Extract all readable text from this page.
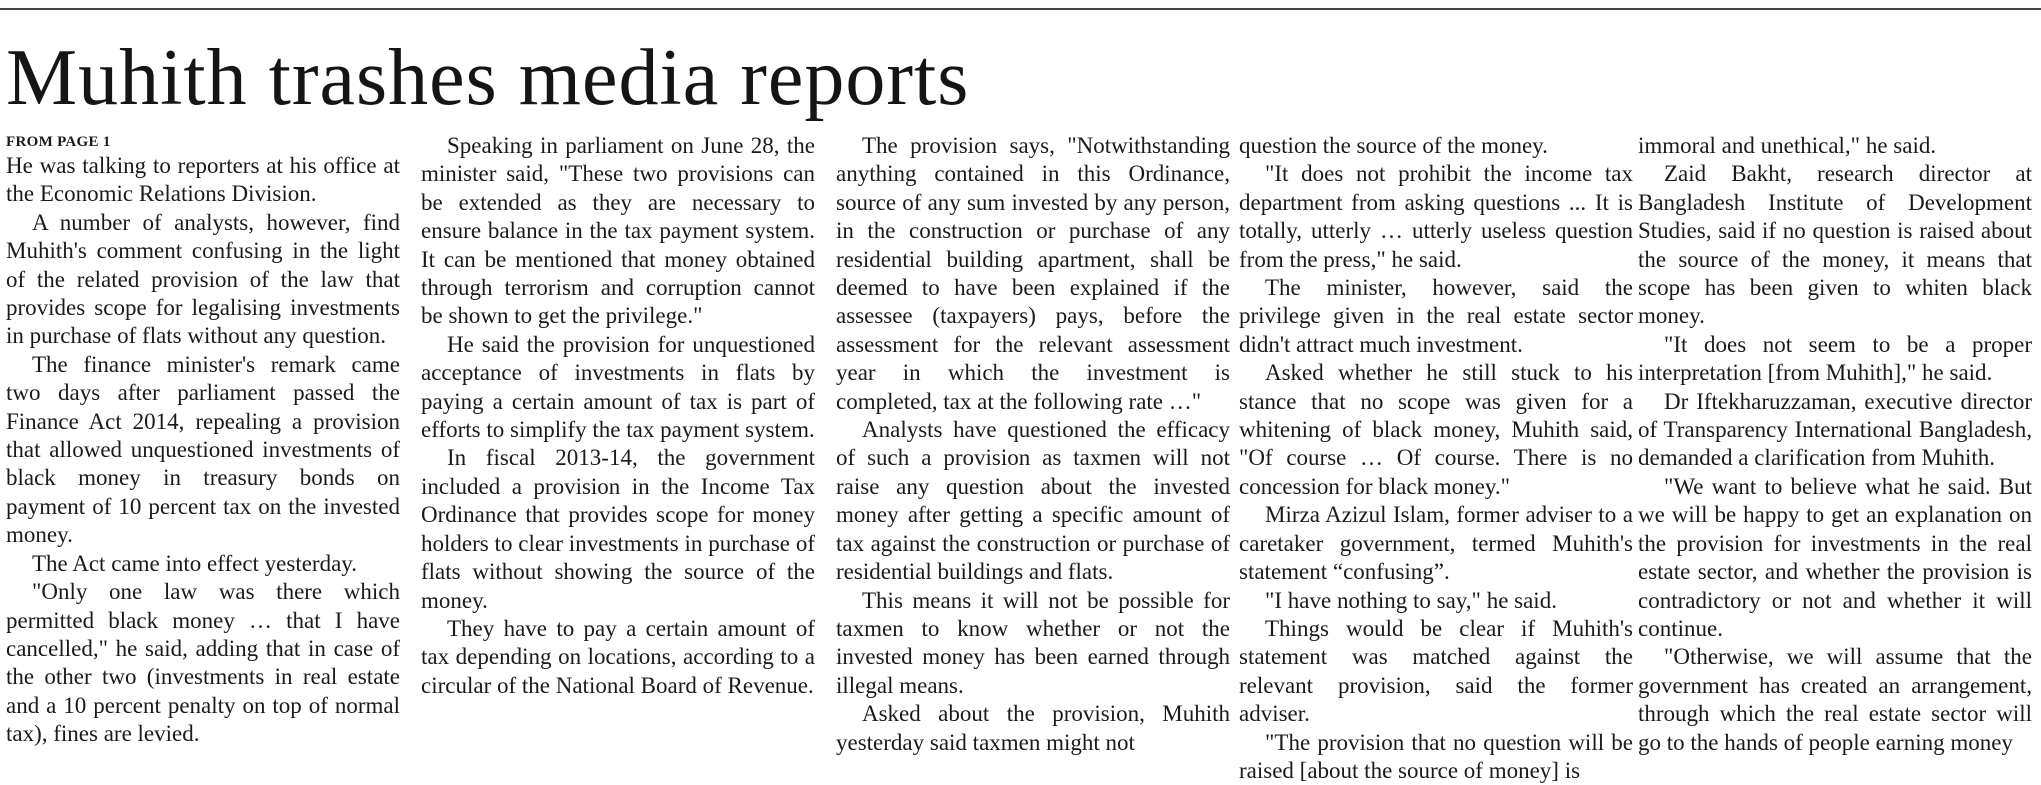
Muhith trashes media reports
FROM PAGE 1

He was talking to reporters at his office at the Economic Relations Division.

A number of analysts, however, find Muhith's comment confusing in the light of the related provision of the law that provides scope for legalising investments in purchase of flats without any question.

The finance minister's remark came two days after parliament passed the Finance Act 2014, repealing a provision that allowed unquestioned investments of black money in treasury bonds on payment of 10 percent tax on the invested money.

The Act came into effect yesterday.

"Only one law was there which permitted black money … that I have cancelled," he said, adding that in case of the other two (investments in real estate and a 10 percent penalty on top of normal tax), fines are levied.

Speaking in parliament on June 28, the minister said, "These two provisions can be extended as they are necessary to ensure balance in the tax payment system. It can be mentioned that money obtained through terrorism and corruption cannot be shown to get the privilege."

He said the provision for unquestioned acceptance of investments in flats by paying a certain amount of tax is part of efforts to simplify the tax payment system.

In fiscal 2013-14, the government included a provision in the Income Tax Ordinance that provides scope for money holders to clear investments in purchase of flats without showing the source of the money.

They have to pay a certain amount of tax depending on locations, according to a circular of the National Board of Revenue.

The provision says, "Notwithstanding anything contained in this Ordinance, source of any sum invested by any person, in the construction or purchase of any residential building apartment, shall be deemed to have been explained if the assessee (taxpayers) pays, before the assessment for the relevant assessment year in which the investment is completed, tax at the following rate …"

Analysts have questioned the efficacy of such a provision as taxmen will not raise any question about the invested money after getting a specific amount of tax against the construction or purchase of residential buildings and flats.

This means it will not be possible for taxmen to know whether or not the invested money has been earned through illegal means.

Asked about the provision, Muhith yesterday said taxmen might not

question the source of the money.

"It does not prohibit the income tax department from asking questions ... It is totally, utterly … utterly useless question from the press," he said.

The minister, however, said the privilege given in the real estate sector didn't attract much investment.

Asked whether he still stuck to his stance that no scope was given for a whitening of black money, Muhith said, "Of course … Of course. There is no concession for black money."

Mirza Azizul Islam, former adviser to a caretaker government, termed Muhith's statement “confusing”.

"I have nothing to say," he said.

Things would be clear if Muhith's statement was matched against the relevant provision, said the former adviser.

"The provision that no question will be raised [about the source of money] is

immoral and unethical," he said.

Zaid Bakht, research director at Bangladesh Institute of Development Studies, said if no question is raised about the source of the money, it means that scope has been given to whiten black money.

"It does not seem to be a proper interpretation [from Muhith]," he said.

Dr Iftekharuzzaman, executive director of Transparency International Bangladesh, demanded a clarification from Muhith.

"We want to believe what he said. But we will be happy to get an explanation on the provision for investments in the real estate sector, and whether the provision is contradictory or not and whether it will continue.

"Otherwise, we will assume that the government has created an arrangement, through which the real estate sector will go to the hands of people earning money
